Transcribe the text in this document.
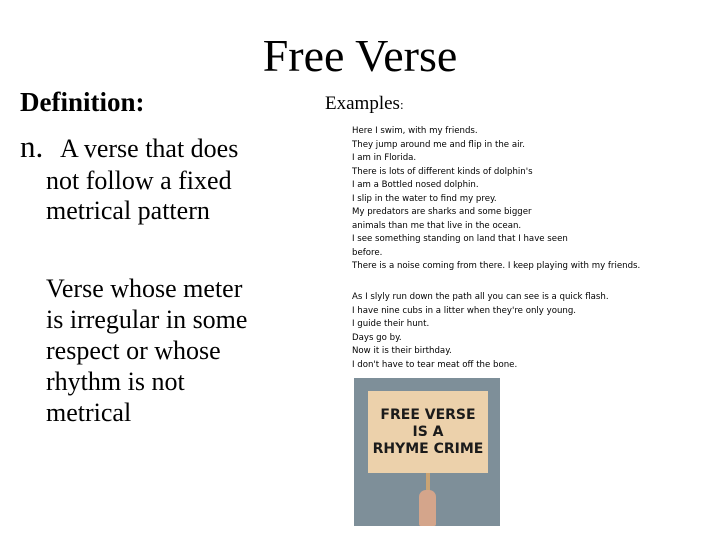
Free Verse
Definition:
n. A verse that does
not follow a fixed
metrical pattern
Verse whose meter
is irregular in some
respect or whose
rhythm is not
metrical
Examples:
Here I swim, with my friends.
They jump around me and flip in the air.
I am in Florida.
There is lots of different kinds of dolphin's
I am a Bottled nosed dolphin.
I slip in the water to find my prey.
My predators are sharks and some bigger
animals than me that live in the ocean.
I see something standing on land that I have seen
before.
There is a noise coming from there. I keep playing with my friends.
As I slyly run down the path all you can see is a quick flash.
I have nine cubs in a litter when they're only young.
I guide their hunt.
Days go by.
Now it is their birthday.
I don't have to tear meat off the bone.
FREE VERSE
IS A
RHYME CRIME
